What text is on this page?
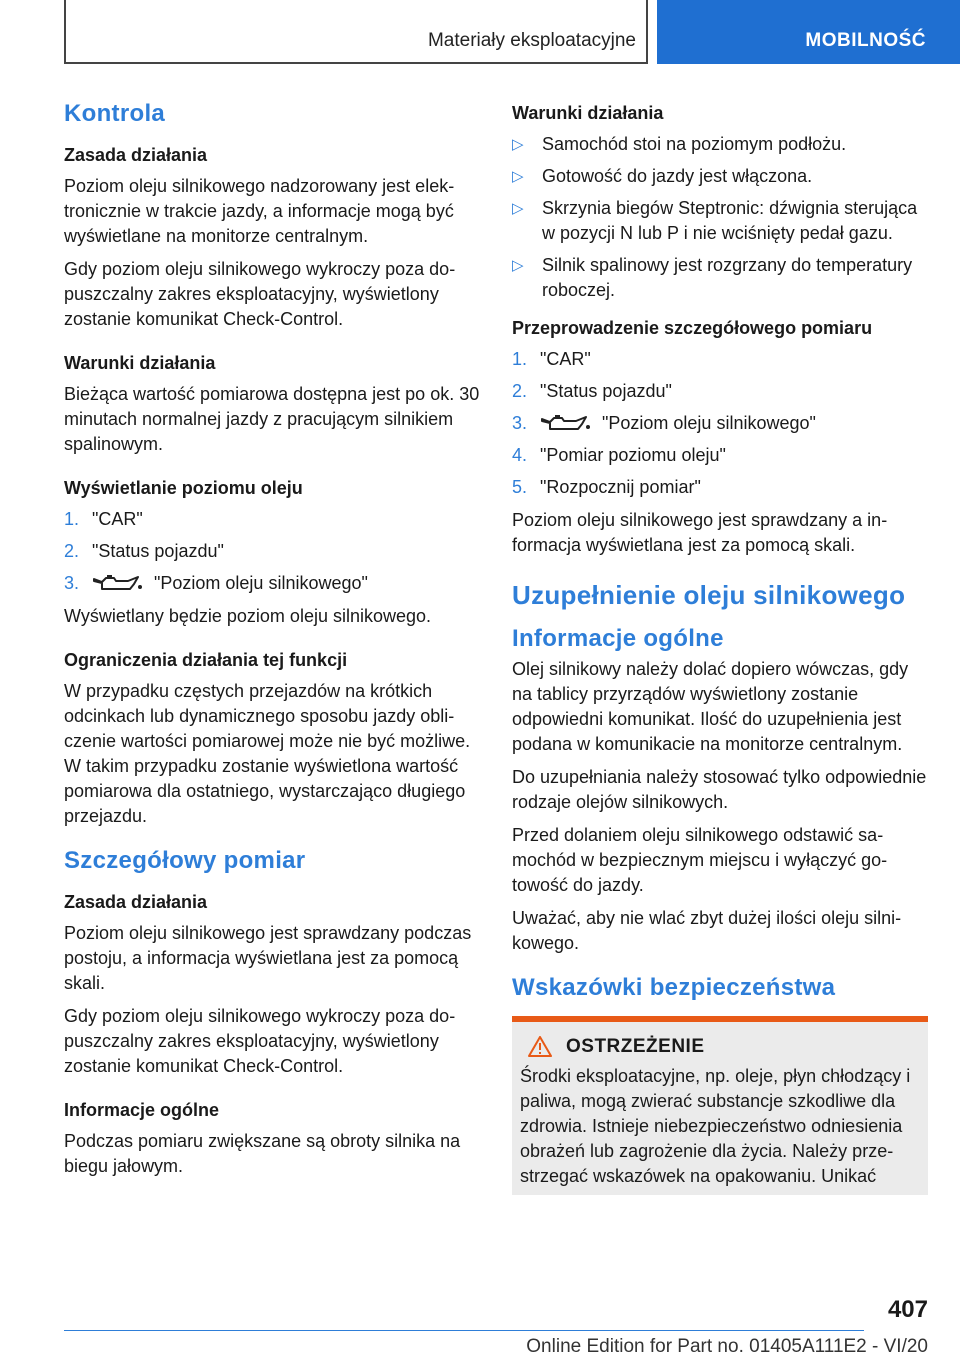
Materiały eksploatacyjne	MOBILNOŚĆ
Kontrola
Zasada działania

Poziom oleju silnikowego nadzorowany jest elektronicznie w trakcie jazdy, a informacje mogą być wyświetlane na monitorze centralnym.

Gdy poziom oleju silnikowego wykroczy poza dopuszczalny zakres eksploatacyjny, wyświetlony zostanie komunikat Check-Control.

Warunki działania

Bieżąca wartość pomiarowa dostępna jest po ok. 30 minutach normalnej jazdy z pracującym silnikiem spalinowym.

Wyświetlanie poziomu oleju
1. "CAR"
2. "Status pojazdu"
3.	"Poziom oleju silnikowego"

Wyświetlany będzie poziom oleju silnikowego.

Ograniczenia działania tej funkcji

W przypadku częstych przejazdów na krótkich odcinkach lub dynamicznego sposobu jazdy obliczenie wartości pomiarowej może nie być możliwe. W takim przypadku zostanie wyświetlona wartość pomiarowa dla ostatniego, wystarczająco długiego przejazdu.

Szczegółowy pomiar
Zasada działania

Poziom oleju silnikowego jest sprawdzany podczas postoju, a informacja wyświetlana jest za pomocą skali.

Gdy poziom oleju silnikowego wykroczy poza dopuszczalny zakres eksploatacyjny, wyświetlony zostanie komunikat Check-Control.

Informacje ogólne

Podczas pomiaru zwiększane są obroty silnika na biegu jałowym.

Warunki działania
▷ Samochód stoi na poziomym podłożu.
▷ Gotowość do jazdy jest włączona.
▷ Skrzynia biegów Steptronic: dźwignia sterująca w pozycji N lub P i nie wciśnięty pedał gazu.
▷ Silnik spalinowy jest rozgrzany do temperatury roboczej.
Przeprowadzenie szczegółowego pomiaru
1. "CAR"
2. "Status pojazdu"
3.	"Poziom oleju silnikowego"
4. "Pomiar poziomu oleju"
5. "Rozpocznij pomiar"

Poziom oleju silnikowego jest sprawdzany a informacja wyświetlana jest za pomocą skali.

Uzupełnienie oleju silnikowego
Informacje ogólne

Olej silnikowy należy dolać dopiero wówczas, gdy na tablicy przyrządów wyświetlony zostanie odpowiedni komunikat. Ilość do uzupełnienia jest podana w komunikacie na monitorze centralnym.

Do uzupełniania należy stosować tylko odpowiednie rodzaje olejów silnikowych.

Przed dolaniem oleju silnikowego odstawić samochód w bezpiecznym miejscu i wyłączyć gotowość do jazdy.

Uważać, aby nie wlać zbyt dużej ilości oleju silnikowego.

Wskazówki bezpieczeństwa
OSTRZEŻENIE

Środki eksploatacyjne, np. oleje, płyn chłodzący i paliwa, mogą zwierać substancje szkodliwe dla zdrowia. Istnieje niebezpieczeństwo odniesienia obrażeń lub zagrożenie dla życia. Należy przestrzegać wskazówek na opakowaniu. Unikać

407
Online Edition for Part no. 01405A111E2 - VI/20
